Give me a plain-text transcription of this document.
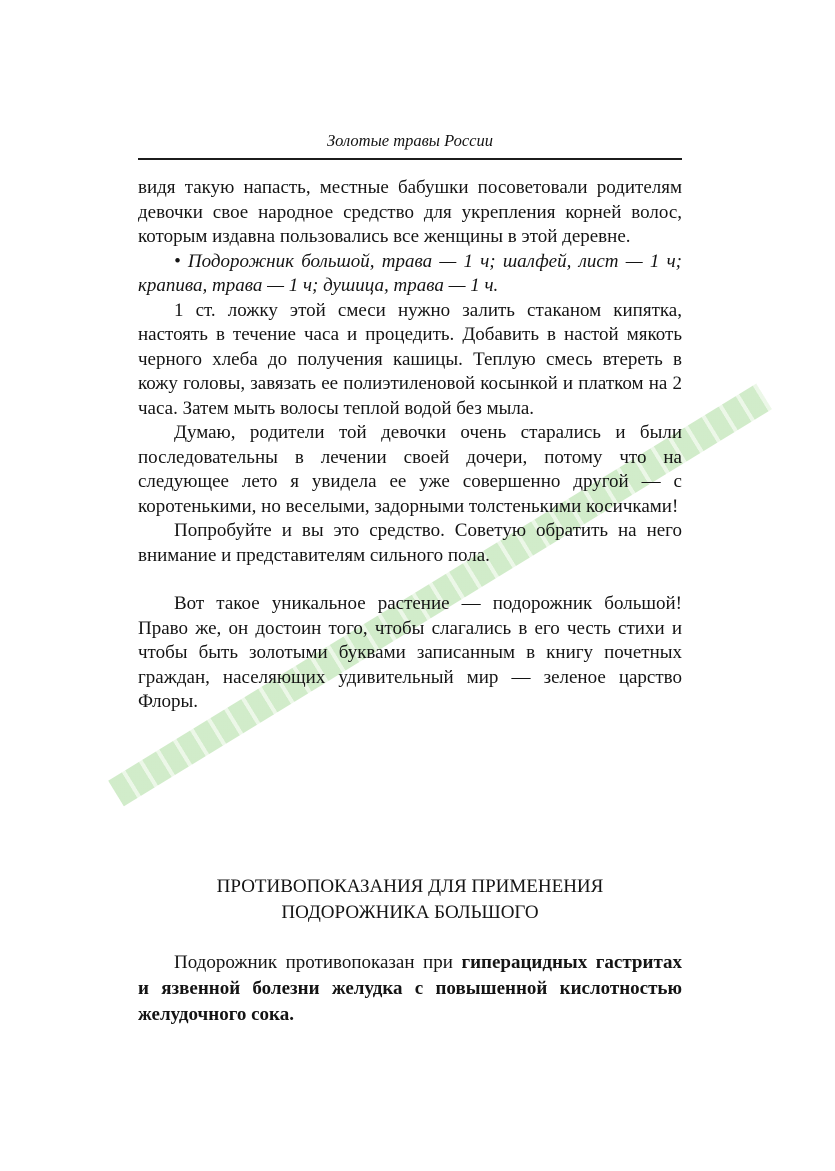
Золотые травы России

видя такую напасть, местные бабушки посоветовали родителям девочки свое народное средство для укрепления корней волос, которым издавна пользовались все женщины в этой деревне.

• Подорожник большой, трава — 1 ч; шалфей, лист — 1 ч; крапива, трава — 1 ч; душица, трава — 1 ч.

1 ст. ложку этой смеси нужно залить стаканом кипятка, настоять в течение часа и процедить. Добавить в настой мякоть черного хлеба до получения кашицы. Теплую смесь втереть в кожу головы, завязать ее полиэтиленовой косынкой и платком на 2 часа. Затем мыть волосы теплой водой без мыла.

Думаю, родители той девочки очень старались и были последовательны в лечении своей дочери, потому что на следующее лето я увидела ее уже совершенно другой — с коротенькими, но веселыми, задорными толстенькими косичками!

Попробуйте и вы это средство. Советую обратить на него внимание и представителям сильного пола.

Вот такое уникальное растение — подорожник большой! Право же, он достоин того, чтобы слагались в его честь стихи и чтобы быть золотыми буквами записанным в книгу почетных граждан, населяющих удивительный мир — зеленое царство Флоры.

ПРОТИВОПОКАЗАНИЯ ДЛЯ ПРИМЕНЕНИЯ
ПОДОРОЖНИКА БОЛЬШОГО

Подорожник противопоказан при гиперацидных гастритах и язвенной болезни желудка с повышенной кислотностью желудочного сока.
